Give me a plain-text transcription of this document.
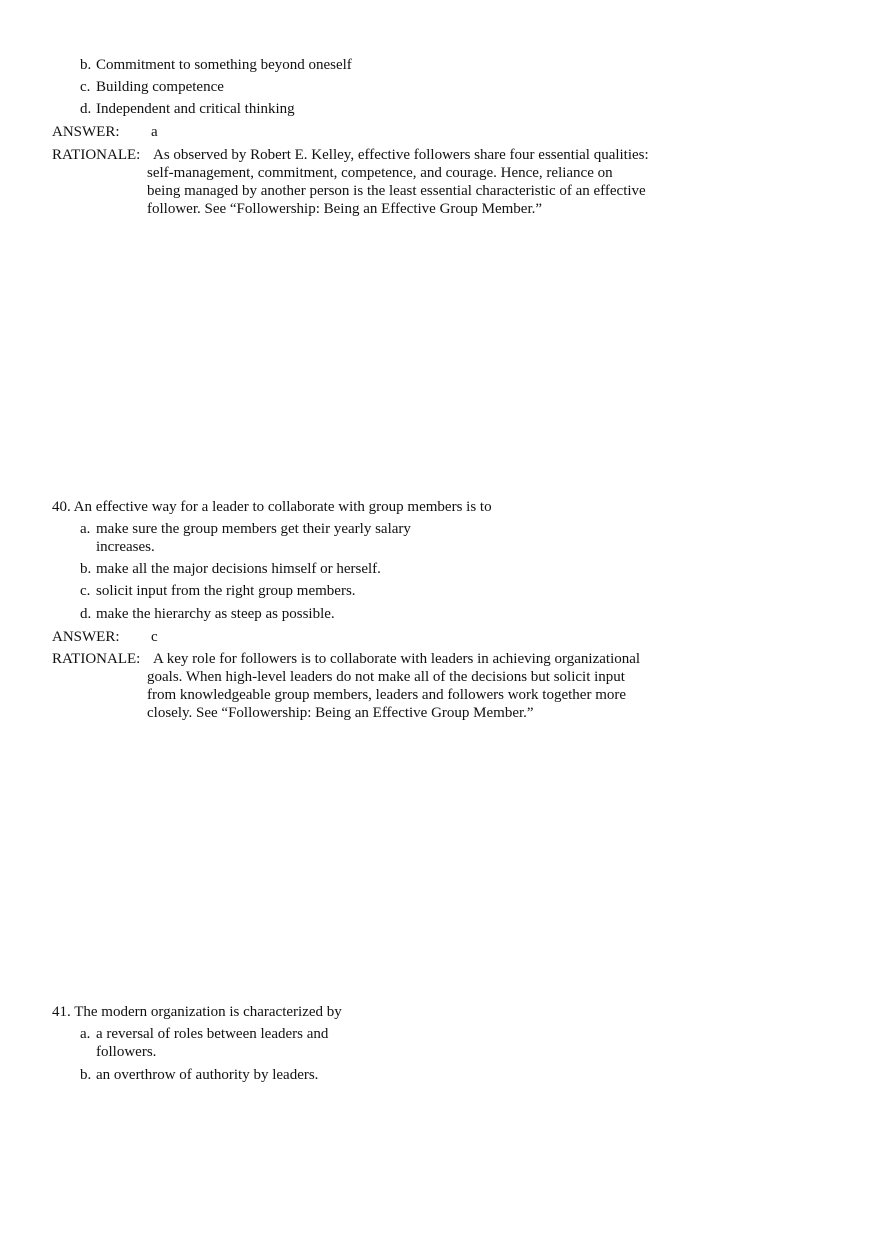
b. Commitment to something beyond oneself
c. Building competence
d. Independent and critical thinking
ANSWER: a
RATIONALE: As observed by Robert E. Kelley, effective followers share four essential qualities:
self-management, commitment, competence, and courage. Hence, reliance on
being managed by another person is the least essential characteristic of an effective
follower. See “Followership: Being an Effective Group Member.”
40. An effective way for a leader to collaborate with group members is to
a. make sure the group members get their yearly salary
increases.
b. make all the major decisions himself or herself.
c. solicit input from the right group members.
d. make the hierarchy as steep as possible.
ANSWER: c
RATIONALE: A key role for followers is to collaborate with leaders in achieving organizational
goals. When high-level leaders do not make all of the decisions but solicit input
from knowledgeable group members, leaders and followers work together more
closely. See “Followership: Being an Effective Group Member.”
41. The modern organization is characterized by
a. a reversal of roles between leaders and
followers.
b. an overthrow of authority by leaders.
